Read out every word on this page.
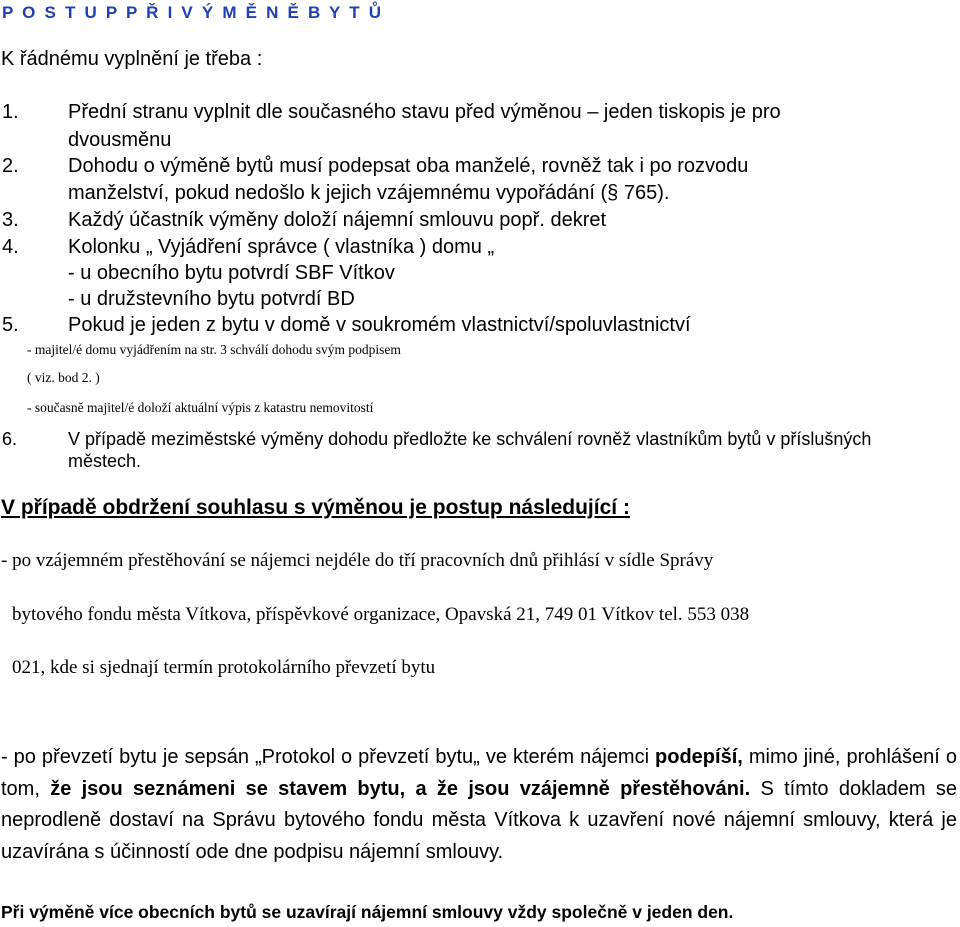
P O S T U P P Ř I V Ý M Ě N Ě B Y T Ů
K řádnému vyplnění je třeba :
1. Přední stranu vyplnit dle současného stavu před výměnou – jeden tiskopis je pro
dvousměnu
2. Dohodu o výměně bytů musí podepsat oba manželé, rovněž tak i po rozvodu
manželství, pokud nedošlo k jejich vzájemnému vypořádání (§ 765).
3. Každý účastník výměny doloží nájemní smlouvu popř. dekret
4. Kolonku „ Vyjádření správce ( vlastníka ) domu „
- u obecního bytu potvrdí SBF Vítkov
- u družstevního bytu potvrdí BD
5. Pokud je jeden z bytu v domě v soukromém vlastnictví/spoluvlastnictví
- majitel/é domu vyjádřením na str. 3 schválí dohodu svým podpisem
( viz. bod 2. )
- současně majitel/é doloží aktuální výpis z katastru nemovitostí
6.	V případě meziměstské výměny dohodu předložte ke schválení rovněž vlastníkům bytů v příslušných
městech.
V případě obdržení souhlasu s výměnou je postup následující :
- po vzájemném přestěhování se nájemci nejdéle do tří pracovních dnů přihlásí v sídle Správy
bytového fondu města Vítkova, příspěvkové organizace, Opavská 21, 749 01 Vítkov tel. 553 038
021, kde si sjednají termín protokolárního převzetí bytu
- po převzetí bytu je sepsán „Protokol o převzetí bytu„ ve kterém nájemci podepíší, mimo jiné, prohlášení o tom, že jsou seznámeni se stavem bytu, a že jsou vzájemně přestěhováni. S tímto dokladem se neprodleně dostaví na Správu bytového fondu města Vítkova k uzavření nové nájemní smlouvy, která je uzavírána s účinností ode dne podpisu nájemní smlouvy.
Při výměně více obecních bytů se uzavírají nájemní smlouvy vždy společně v jeden den.
